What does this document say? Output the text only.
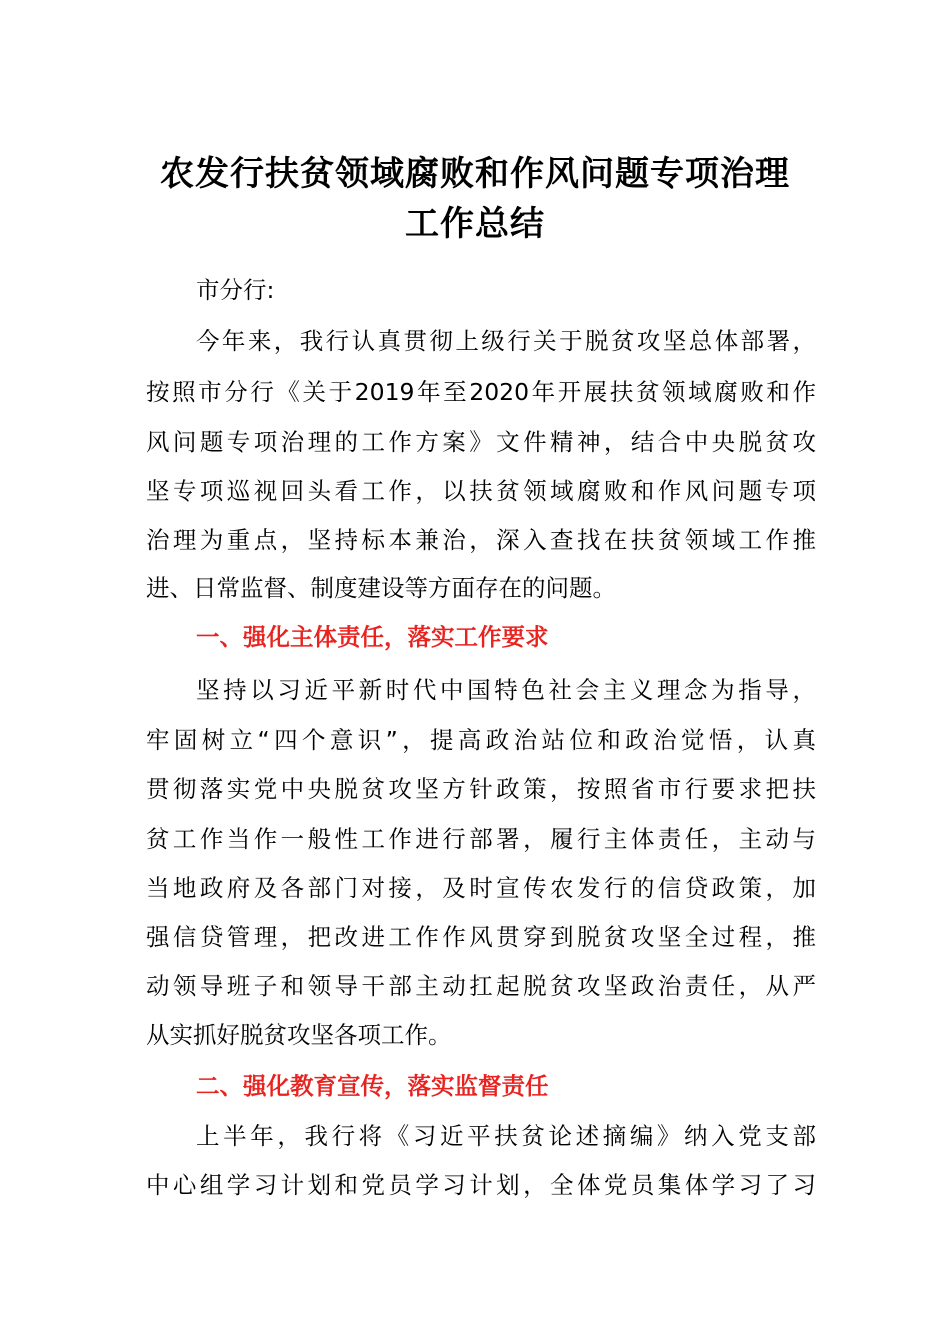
农发行扶贫领域腐败和作风问题专项治理
工作总结
市分行:
今年来，我行认真贯彻上级行关于脱贫攻坚总体部署，
按照市分行《关于2019年至2020年开展扶贫领域腐败和作
风问题专项治理的工作方案》文件精神，结合中央脱贫攻
坚专项巡视回头看工作，以扶贫领域腐败和作风问题专项
治理为重点，坚持标本兼治，深入查找在扶贫领域工作推
进、日常监督、制度建设等方面存在的问题。
一、强化主体责任，落实工作要求
坚持以习近平新时代中国特色社会主义理念为指导，
牢固树立“四个意识”，提高政治站位和政治觉悟，认真
贯彻落实党中央脱贫攻坚方针政策，按照省市行要求把扶
贫工作当作一般性工作进行部署，履行主体责任，主动与
当地政府及各部门对接，及时宣传农发行的信贷政策，加
强信贷管理，把改进工作作风贯穿到脱贫攻坚全过程，推
动领导班子和领导干部主动扛起脱贫攻坚政治责任，从严
从实抓好脱贫攻坚各项工作。
二、强化教育宣传，落实监督责任
上半年，我行将《习近平扶贫论述摘编》纳入党支部
中心组学习计划和党员学习计划，全体党员集体学习了习
